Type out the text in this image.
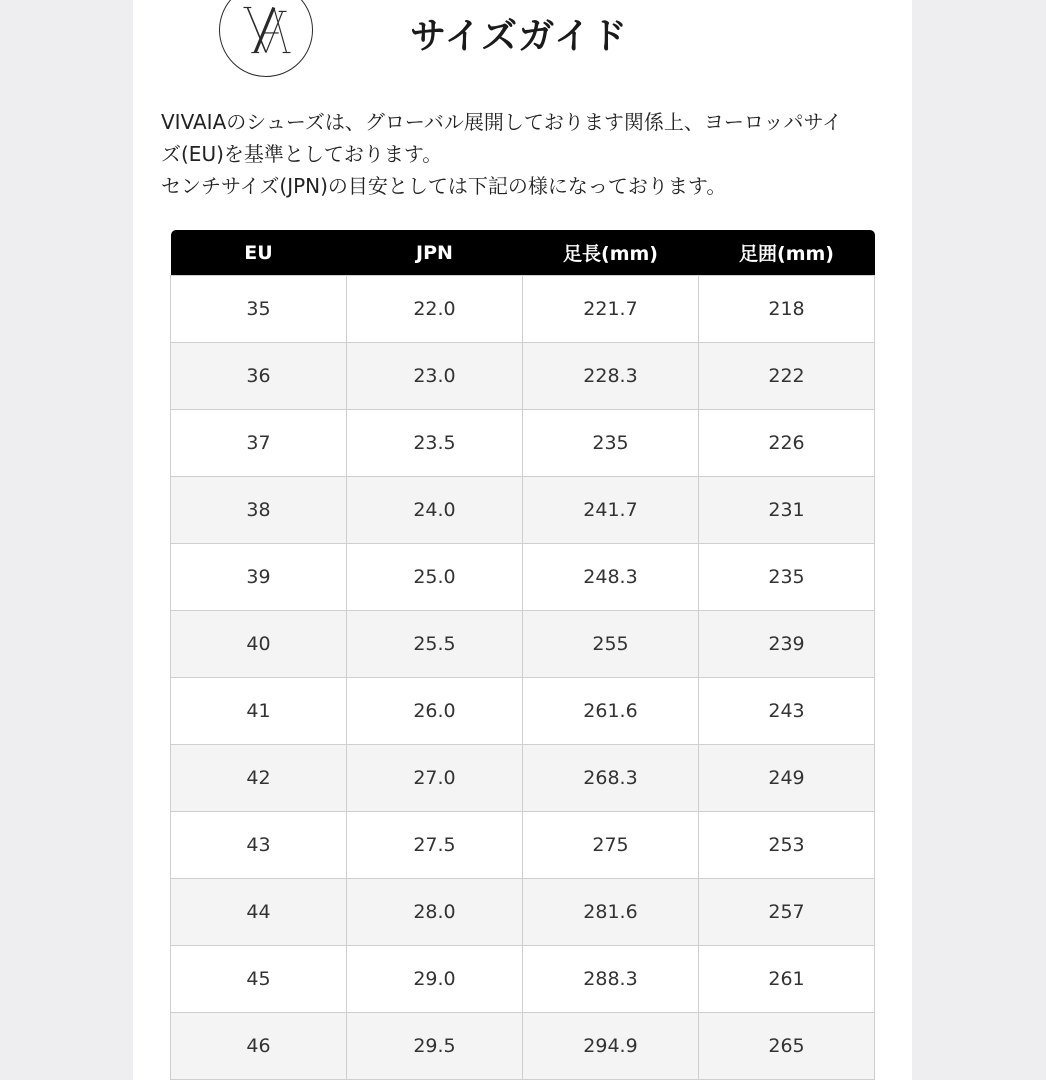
サイズガイド

VIVAIAのシューズは、グローバル展開しております関係上、ヨーロッパサイ

ズ(EU)を基準としております。

センチサイズ(JPN)の目安としては下記の様になっております。

EU	JPN	足長(mm)	足囲(mm)
35	22.0	221.7	218
36	23.0	228.3	222
37	23.5	235	226
38	24.0	241.7	231
39	25.0	248.3	235
40	25.5	255	239
41	26.0	261.6	243
42	27.0	268.3	249
43	27.5	275	253
44	28.0	281.6	257
45	29.0	288.3	261
46	29.5	294.9	265
